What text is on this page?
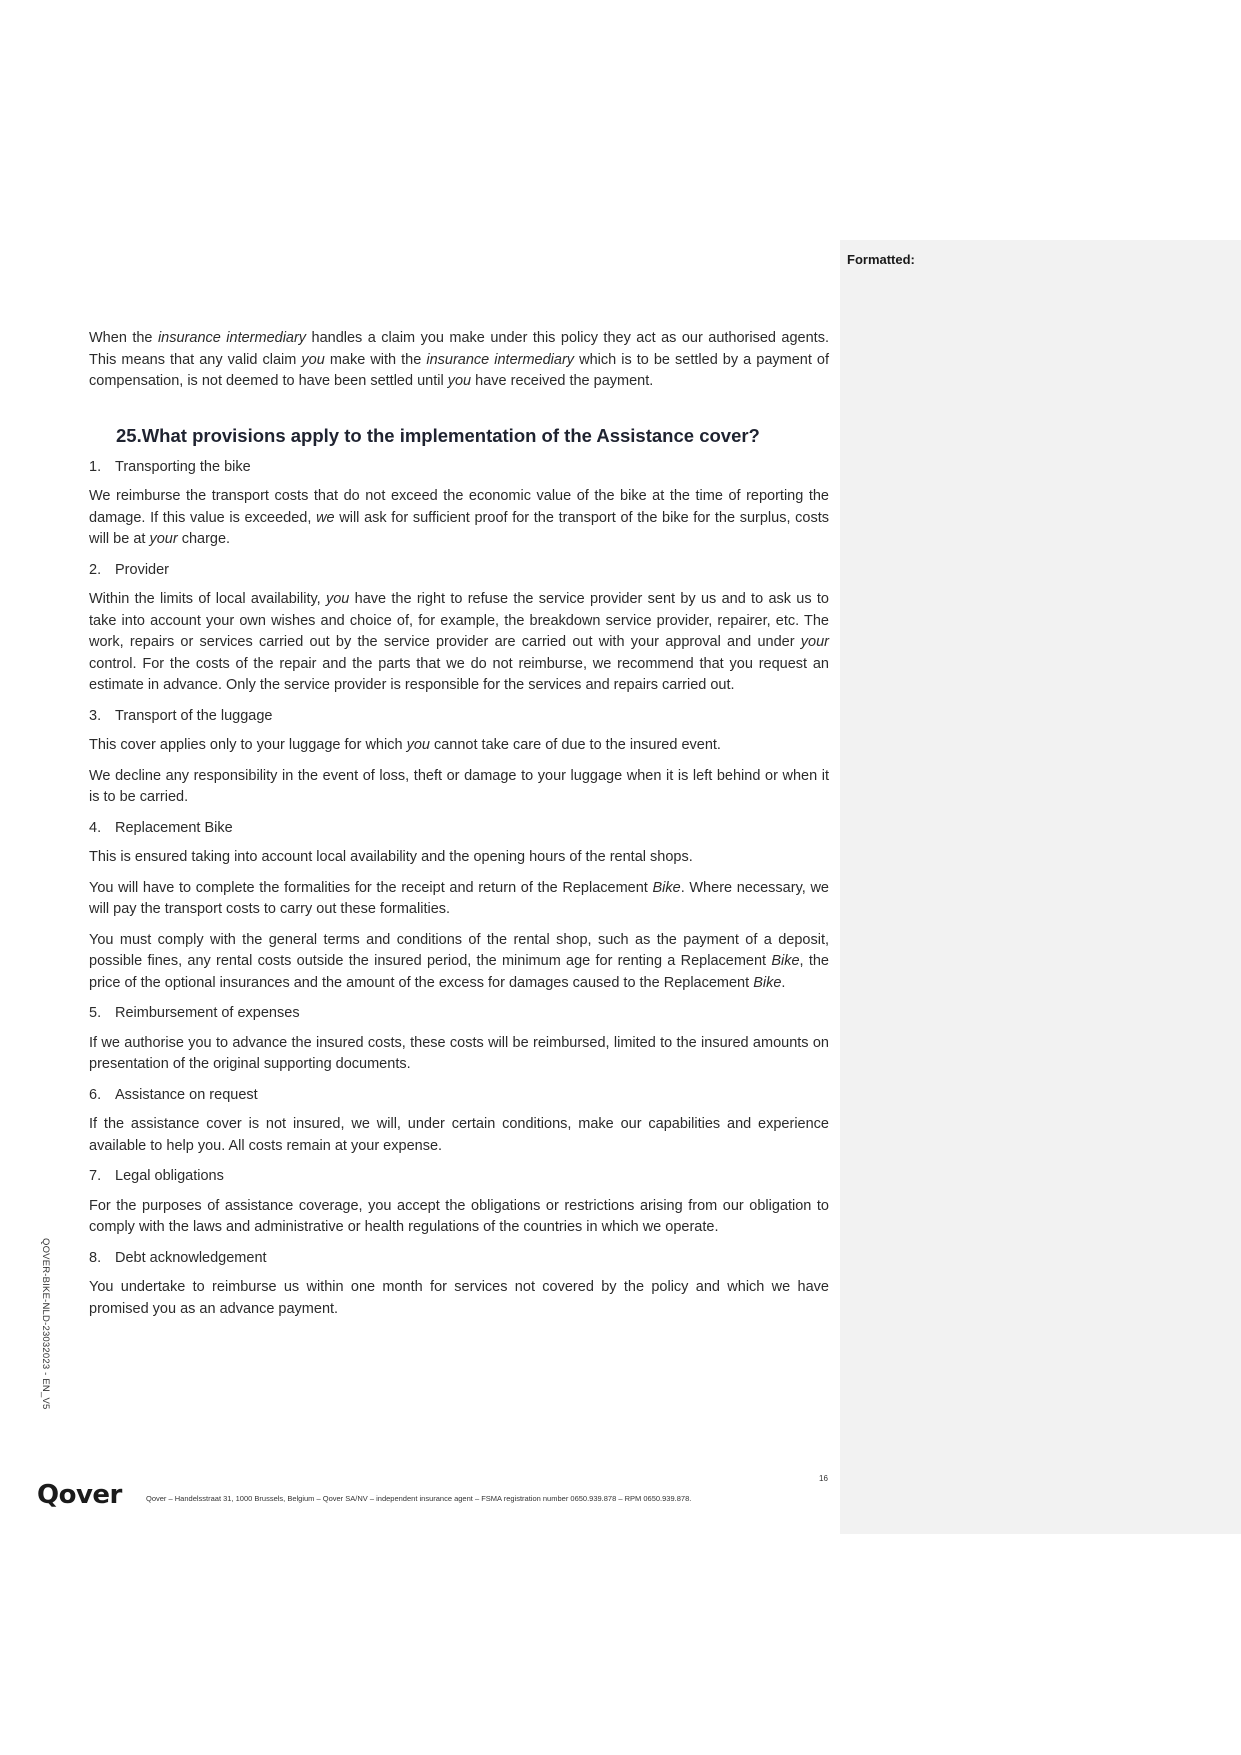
Formatted:

When the insurance intermediary handles a claim you make under this policy they act as our authorised agents. This means that any valid claim you make with the insurance intermediary which is to be settled by a payment of compensation, is not deemed to have been settled until you have received the payment.

25.What provisions apply to the implementation of the Assistance cover?
1. Transporting the bike

We reimburse the transport costs that do not exceed the economic value of the bike at the time of reporting the damage. If this value is exceeded, we will ask for sufficient proof for the transport of the bike for the surplus, costs will be at your charge.

2. Provider

Within the limits of local availability, you have the right to refuse the service provider sent by us and to ask us to take into account your own wishes and choice of, for example, the breakdown service provider, repairer, etc. The work, repairs or services carried out by the service provider are carried out with your approval and under your control. For the costs of the repair and the parts that we do not reimburse, we recommend that you request an estimate in advance. Only the service provider is responsible for the services and repairs carried out.

3. Transport of the luggage

This cover applies only to your luggage for which you cannot take care of due to the insured event.

We decline any responsibility in the event of loss, theft or damage to your luggage when it is left behind or when it is to be carried.

4. Replacement Bike

This is ensured taking into account local availability and the opening hours of the rental shops.

You will have to complete the formalities for the receipt and return of the Replacement Bike. Where necessary, we will pay the transport costs to carry out these formalities.

You must comply with the general terms and conditions of the rental shop, such as the payment of a deposit, possible fines, any rental costs outside the insured period, the minimum age for renting a Replacement Bike, the price of the optional insurances and the amount of the excess for damages caused to the Replacement Bike.

5. Reimbursement of expenses

If we authorise you to advance the insured costs, these costs will be reimbursed, limited to the insured amounts on presentation of the original supporting documents.

6. Assistance on request

If the assistance cover is not insured, we will, under certain conditions, make our capabilities and experience available to help you. All costs remain at your expense.

7. Legal obligations

For the purposes of assistance coverage, you accept the obligations or restrictions arising from our obligation to comply with the laws and administrative or health regulations of the countries in which we operate.

8. Debt acknowledgement

You undertake to reimburse us within one month for services not covered by the policy and which we have promised you as an advance payment.

QOVER-BIKE-NLD-23032023 - EN_V5
16
Qover	Qover – Handelsstraat 31, 1000 Brussels, Belgium – Qover SA/NV – independent insurance agent – FSMA registration number 0650.939.878 – RPM 0650.939.878.
